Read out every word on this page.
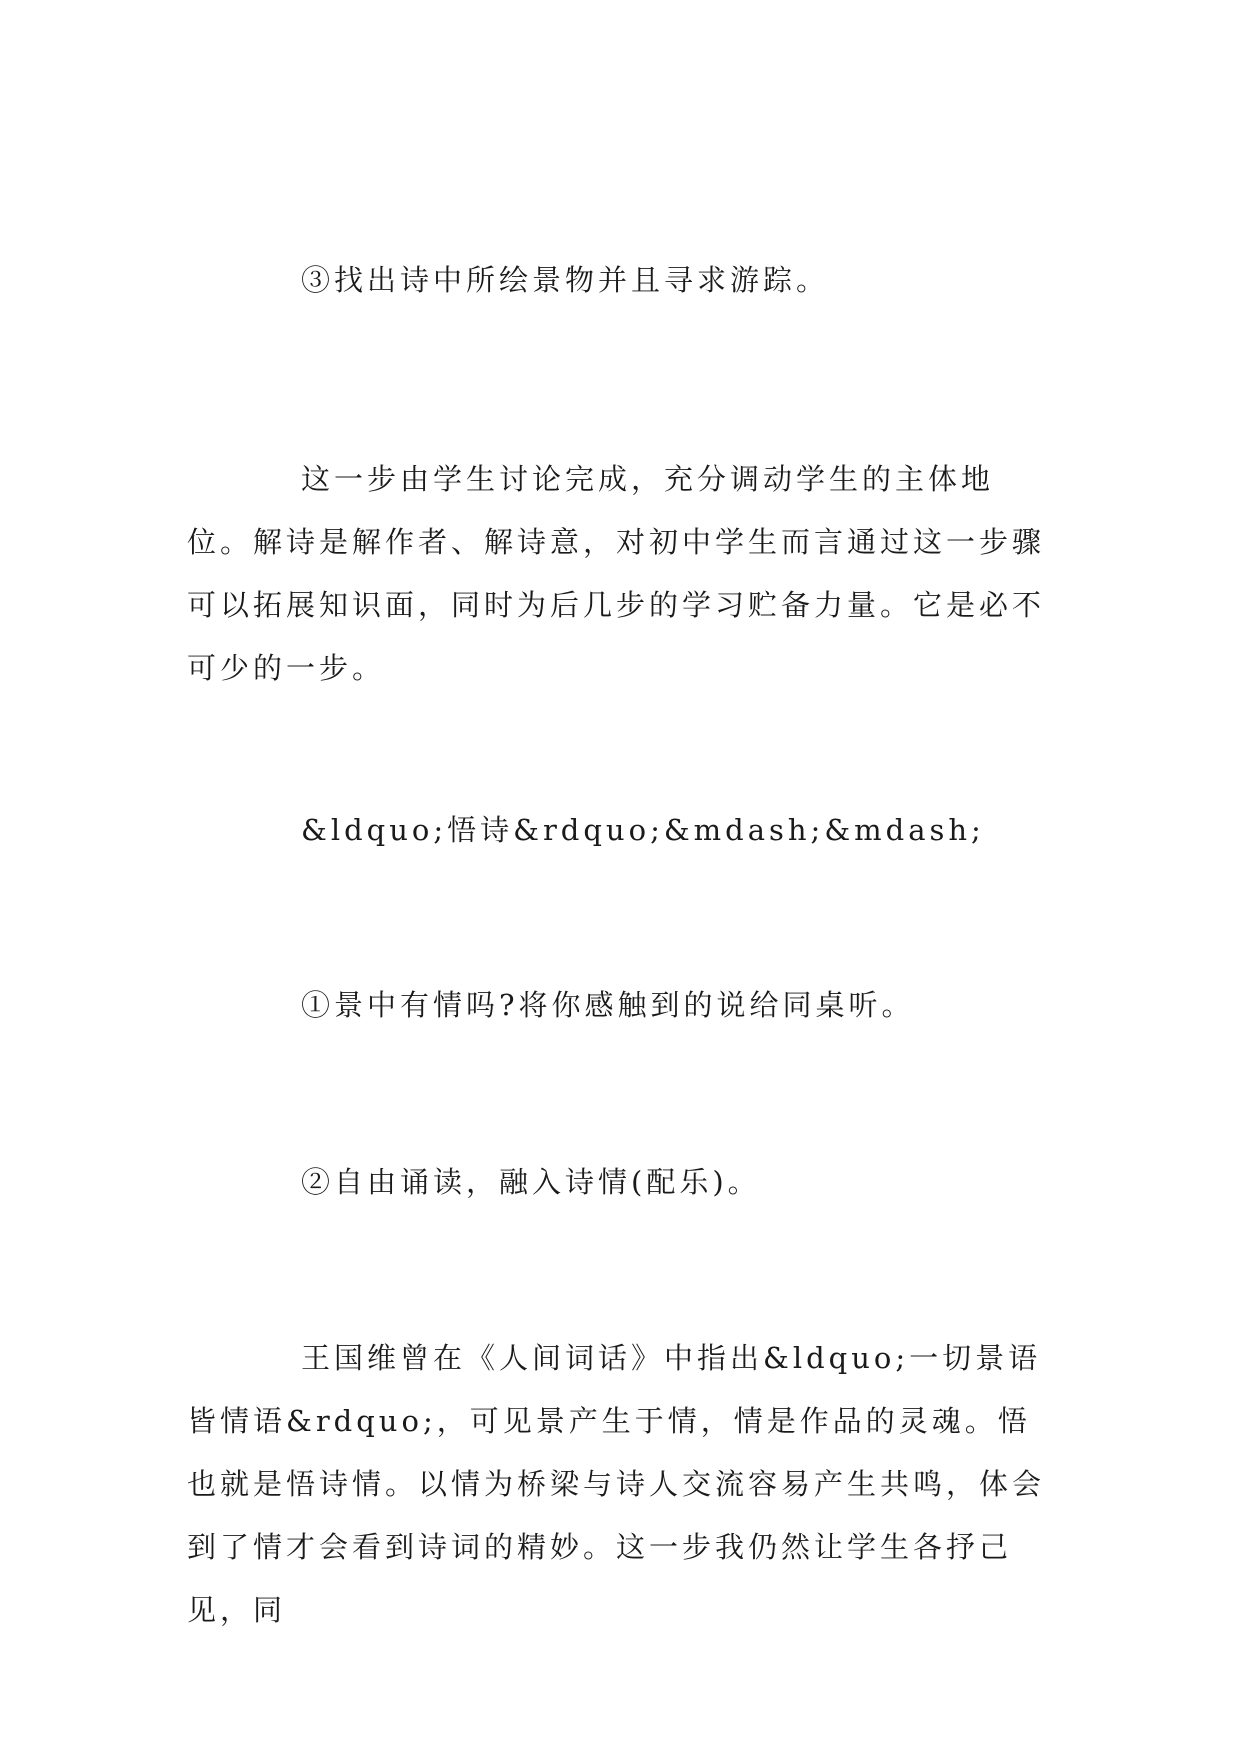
③找出诗中所绘景物并且寻求游踪。

这一步由学生讨论完成，充分调动学生的主体地位。解诗是解作者、解诗意，对初中学生而言通过这一步骤可以拓展知识面，同时为后几步的学习贮备力量。它是必不可少的一步。

&ldquo;悟诗&rdquo;&mdash;&mdash;

①景中有情吗?将你感触到的说给同桌听。

②自由诵读，融入诗情(配乐)。

王国维曾在《人间词话》中指出&ldquo;一切景语皆情语&rdquo;，可见景产生于情，情是作品的灵魂。悟也就是悟诗情。以情为桥梁与诗人交流容易产生共鸣，体会到了情才会看到诗词的精妙。这一步我仍然让学生各抒己见，同
